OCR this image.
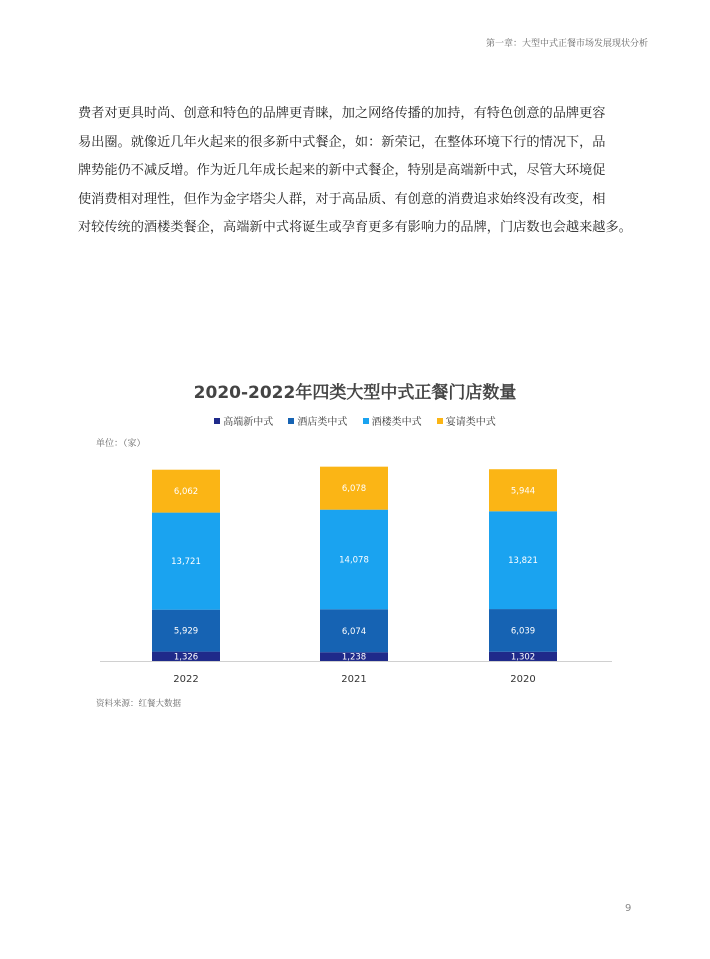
第一章：大型中式正餐市场发展现状分析

费者对更具时尚、创意和特色的品牌更青睐，加之网络传播的加持，有特色创意的品牌更容

易出圈。就像近几年火起来的很多新中式餐企，如：新荣记，在整体环境下行的情况下，品

牌势能仍不减反增。作为近几年成长起来的新中式餐企，特别是高端新中式，尽管大环境促

使消费相对理性，但作为金字塔尖人群，对于高品质、有创意的消费追求始终没有改变，相

对较传统的酒楼类餐企，高端新中式将诞生或孕育更多有影响力的品牌，门店数也会越来越多。

2020-2022年四类大型中式正餐门店数量
高端新中式 酒店类中式 酒楼类中式 宴请类中式
单位：（家）
1,326
5,929
13,721
6,062
2022
1,238
6,074
14,078
6,078
2021
1,302
6,039
13,821
5,944
2020
资料来源：红餐大数据
9
